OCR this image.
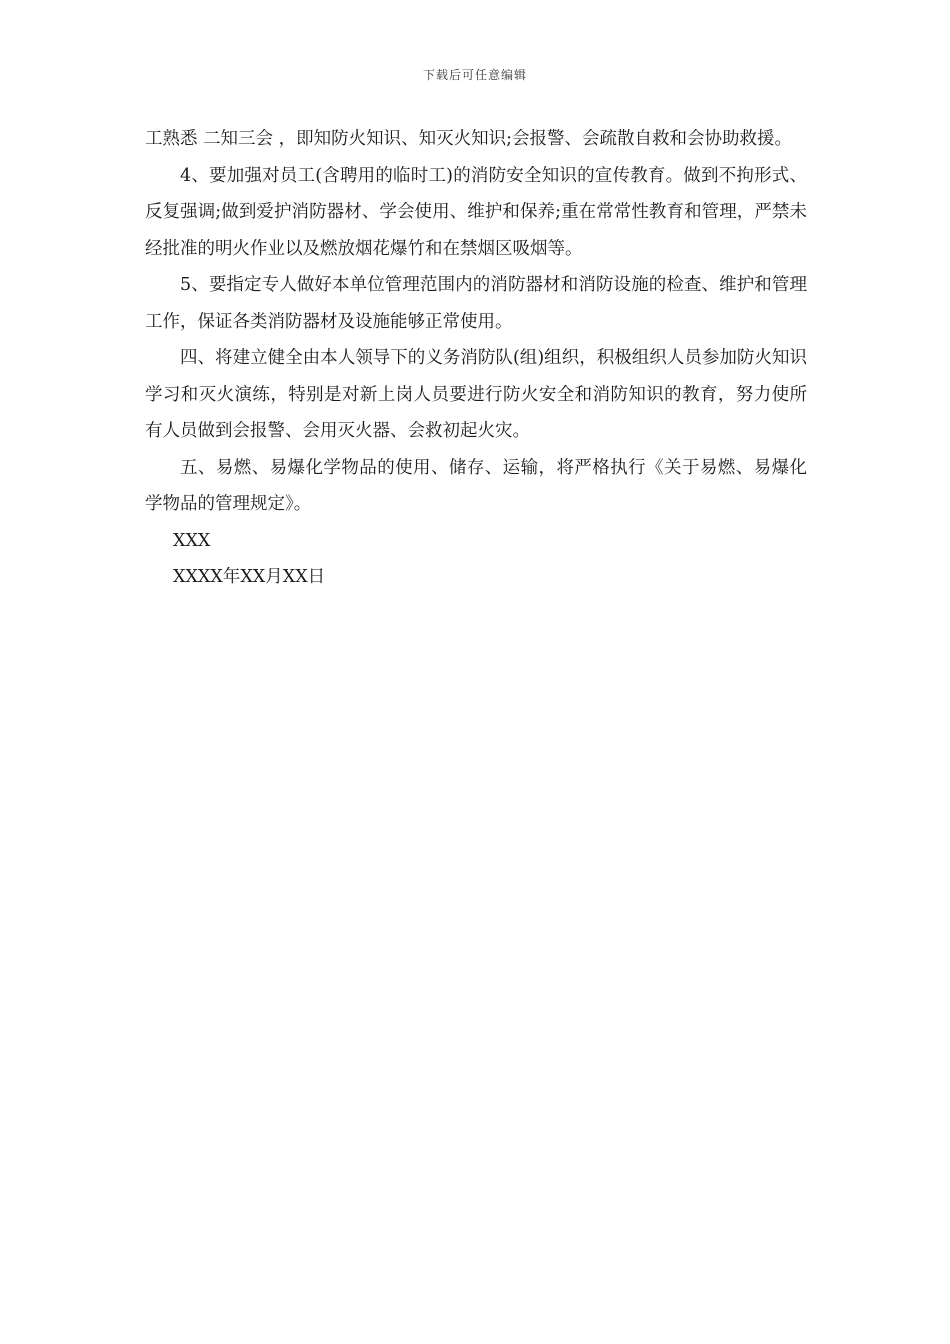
下载后可任意编辑

工熟悉 二知三会 ，即知防火知识、知灭火知识;会报警、会疏散自救和会协助救援。

4、要加强对员工(含聘用的临时工)的消防安全知识的宣传教育。做到不拘形式、反复强调;做到爱护消防器材、学会使用、维护和保养;重在常常性教育和管理，严禁未经批准的明火作业以及燃放烟花爆竹和在禁烟区吸烟等。

5、要指定专人做好本单位管理范围内的消防器材和消防设施的检查、维护和管理工作，保证各类消防器材及设施能够正常使用。

四、将建立健全由本人领导下的义务消防队(组)组织，积极组织人员参加防火知识学习和灭火演练，特别是对新上岗人员要进行防火安全和消防知识的教育，努力使所有人员做到会报警、会用灭火器、会救初起火灾。

五、易燃、易爆化学物品的使用、储存、运输，将严格执行《关于易燃、易爆化学物品的管理规定》。

XXX

XXXX年XX月XX日
